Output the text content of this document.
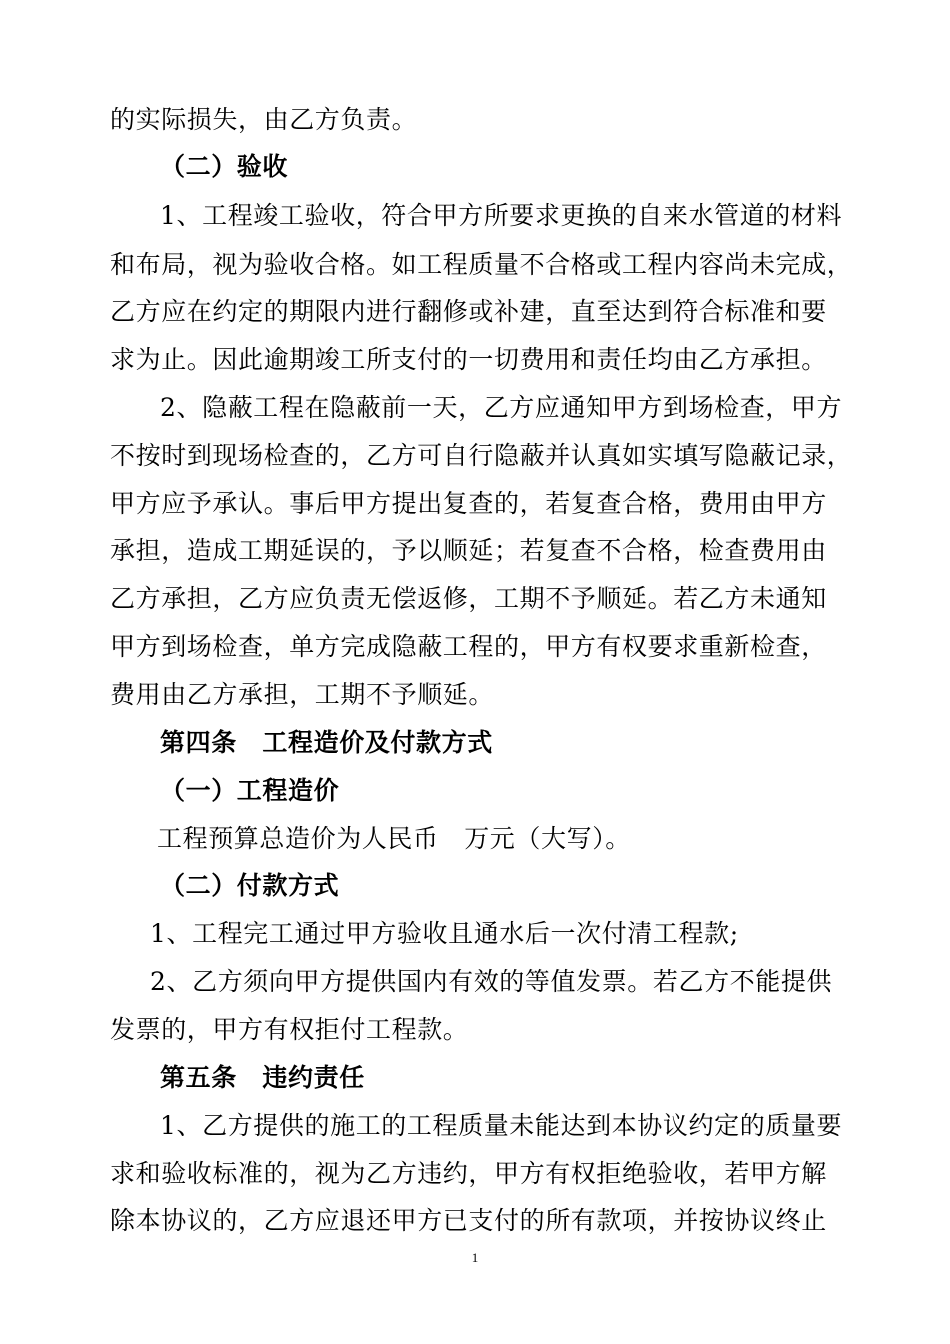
的实际损失，由乙方负责。
（二）验收
1、工程竣工验收，符合甲方所要求更换的自来水管道的材料
和布局，视为验收合格。如工程质量不合格或工程内容尚未完成，
乙方应在约定的期限内进行翻修或补建，直至达到符合标准和要
求为止。因此逾期竣工所支付的一切费用和责任均由乙方承担。
2、隐蔽工程在隐蔽前一天，乙方应通知甲方到场检查，甲方
不按时到现场检查的，乙方可自行隐蔽并认真如实填写隐蔽记录，
甲方应予承认。事后甲方提出复查的，若复查合格，费用由甲方
承担，造成工期延误的，予以顺延；若复查不合格，检查费用由
乙方承担，乙方应负责无偿返修，工期不予顺延。若乙方未通知
甲方到场检查，单方完成隐蔽工程的，甲方有权要求重新检查，
费用由乙方承担，工期不予顺延。
第四条　工程造价及付款方式
（一）工程造价
工程预算总造价为人民币　万元（大写）。
（二）付款方式
1、工程完工通过甲方验收且通水后一次付清工程款;
2、乙方须向甲方提供国内有效的等值发票。若乙方不能提供
发票的，甲方有权拒付工程款。
第五条　违约责任
1、乙方提供的施工的工程质量未能达到本协议约定的质量要
求和验收标准的，视为乙方违约，甲方有权拒绝验收，若甲方解
除本协议的，乙方应退还甲方已支付的所有款项，并按协议终止
1
